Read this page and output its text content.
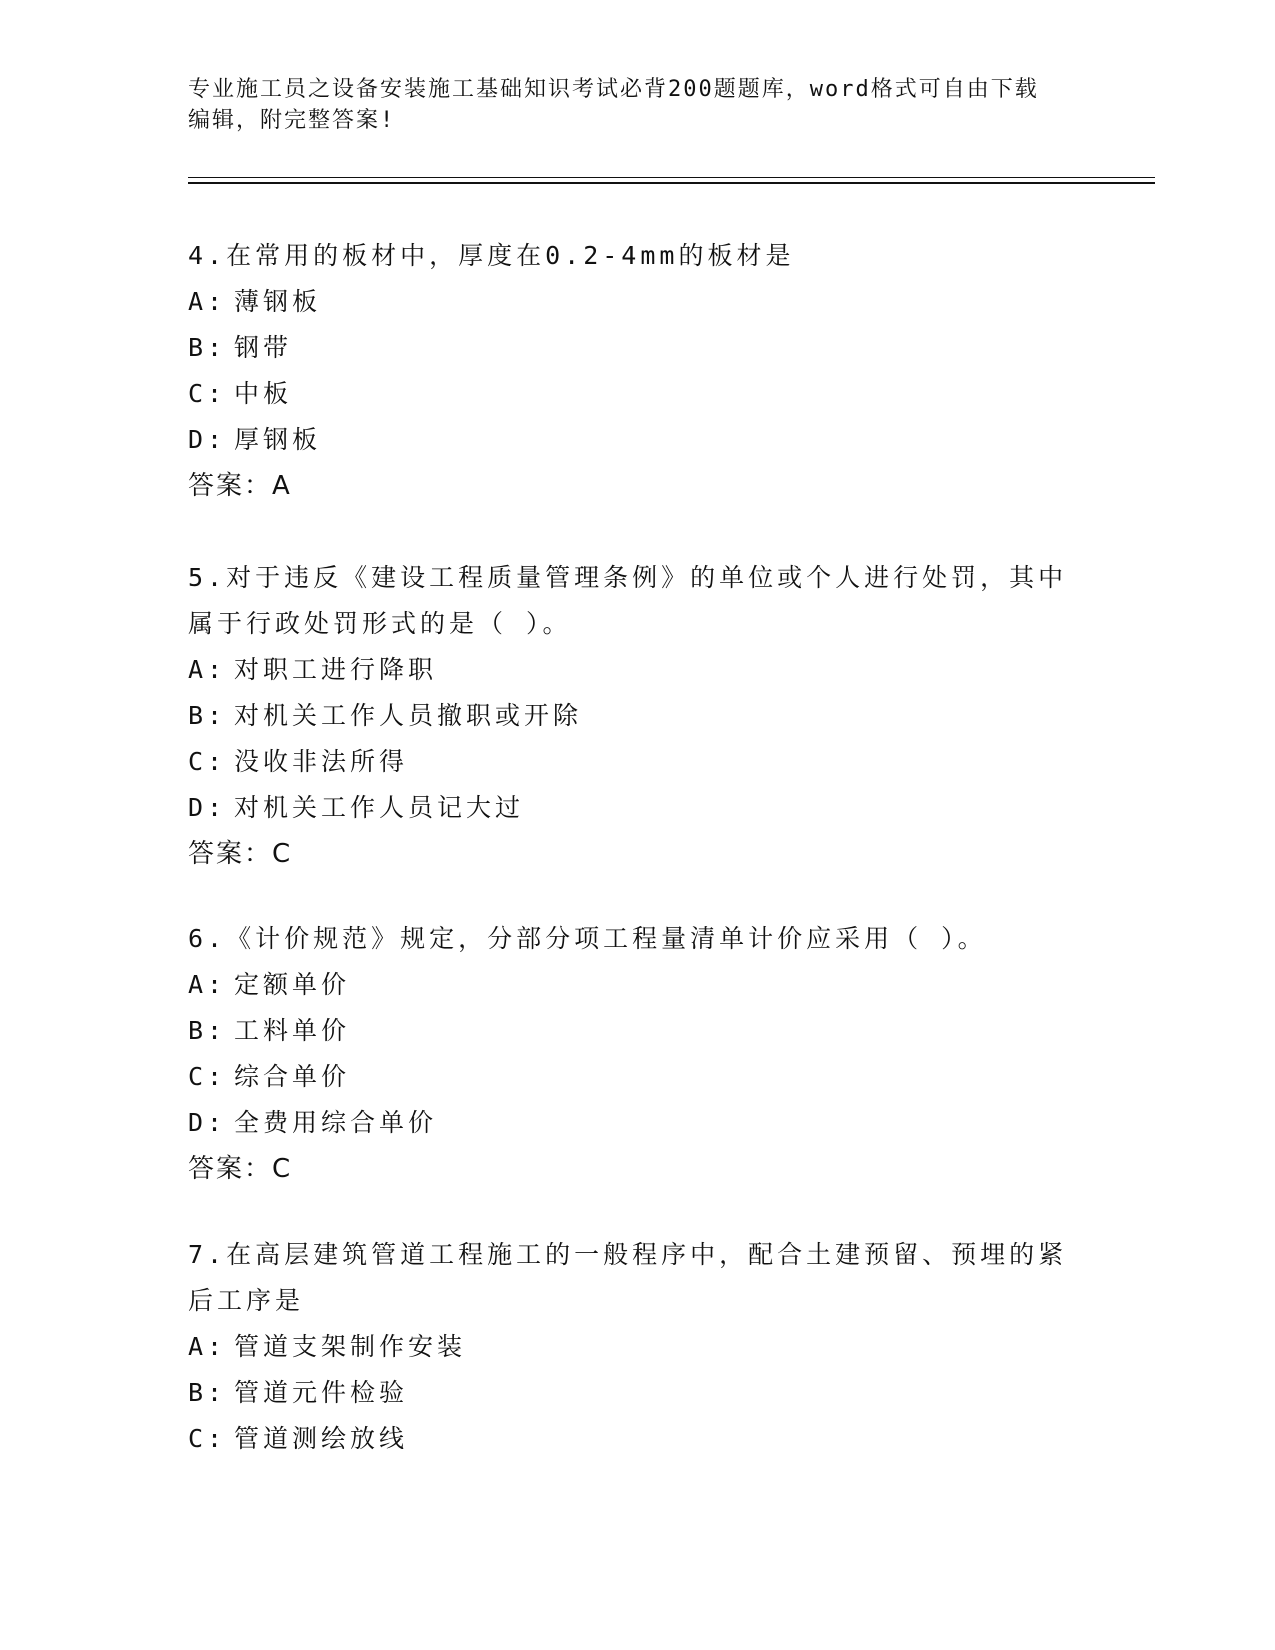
专业施工员之设备安装施工基础知识考试必背200题题库，word格式可自由下载
编辑，附完整答案!
4.在常用的板材中，厚度在0.2-4mm的板材是
A: 薄钢板
B: 钢带
C: 中板
D: 厚钢板
答案：A
5.对于违反《建设工程质量管理条例》的单位或个人进行处罚，其中
属于行政处罚形式的是（ ）。
A: 对职工进行降职
B: 对机关工作人员撤职或开除
C: 没收非法所得
D: 对机关工作人员记大过
答案：C
6.《计价规范》规定，分部分项工程量清单计价应采用（ ）。
A: 定额单价
B: 工料单价
C: 综合单价
D: 全费用综合单价
答案：C
7.在高层建筑管道工程施工的一般程序中，配合土建预留、预埋的紧
后工序是
A: 管道支架制作安装
B: 管道元件检验
C: 管道测绘放线
